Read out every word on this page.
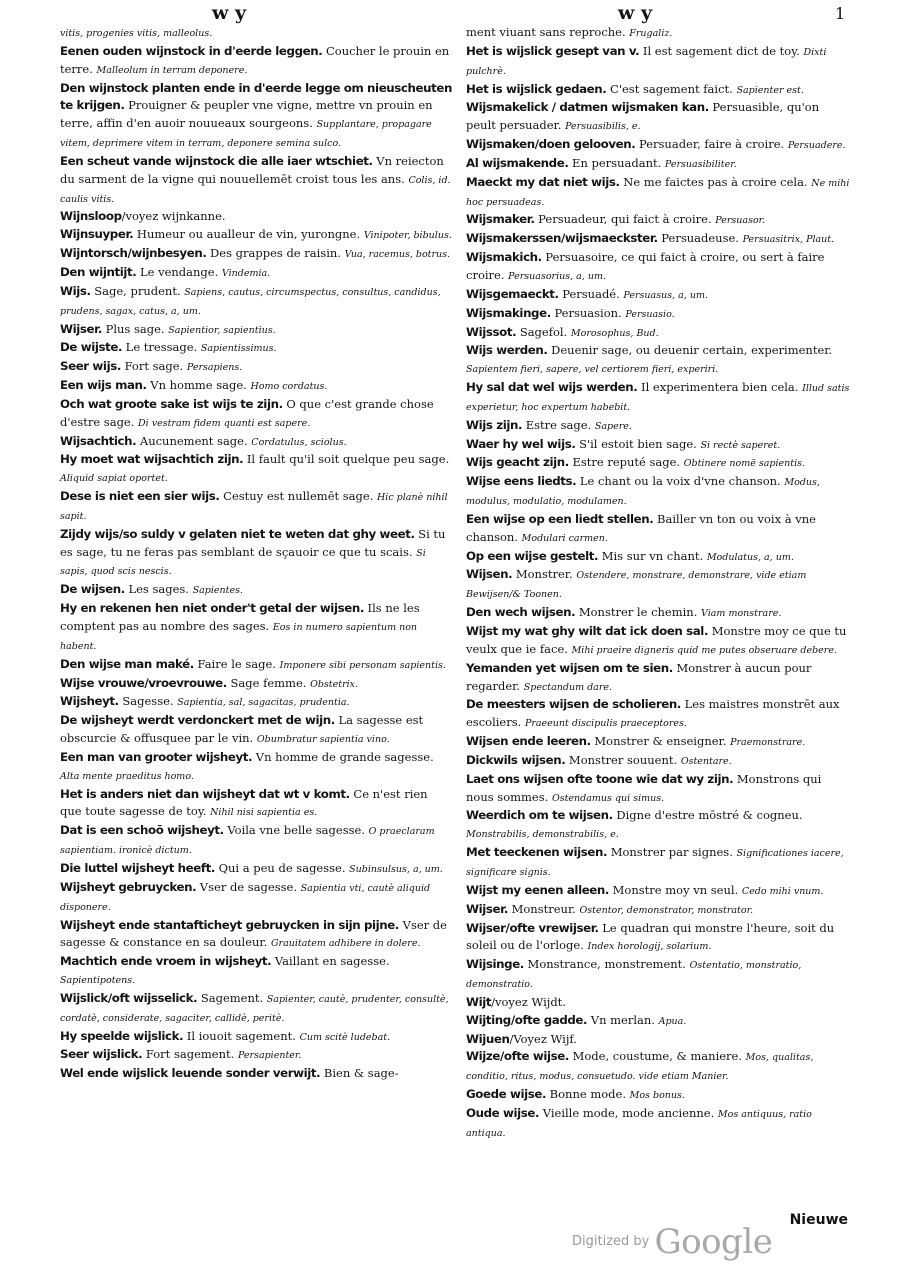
w y	w y	1

vitis, progenies vitis, malleolus.

Eenen ouden wijnstock in d'eerde leggen. Coucher le prouin en terre. Malleolum in terram deponere.

Den wijnstock planten ende in d'eerde legge om nieuscheuten te krijgen. Prouigner & peupler vne vigne, mettre vn prouin en terre, affin d'en auoir nouueaux sourgeons. Supplantare, propagare vitem, deprimere vitem in terram, deponere semina sulco.

Een scheut vande wijnstock die alle iaer wtschiet. Vn reiecton du sarment de la vigne qui nouuellemēt croist tous les ans. Colis, id. caulis vitis.

Wijnsloop/voyez wijnkanne.

Wijnsuyper. Humeur ou aualleur de vin, yurongne. Vinipoter, bibulus.

Wijntorsch/wijnbesyen. Des grappes de raisin. Vua, racemus, botrus.

Den wijntijt. Le vendange. Vindemia.

Wijs. Sage, prudent. Sapiens, cautus, circumspectus, consultus, candidus, prudens, sagax, catus, a, um.

Wijser. Plus sage. Sapientior, sapientius.

De wijste. Le tressage. Sapientissimus.

Seer wijs. Fort sage. Persapiens.

Een wijs man. Vn homme sage. Homo cordatus.

Och wat groote sake ist wijs te zijn. O que c'est grande chose d'estre sage. Di vestram fidem quanti est sapere.

Wijsachtich. Aucunement sage. Cordatulus, sciolus.

Hy moet wat wijsachtich zijn. Il fault qu'il soit quelque peu sage. Aliquid sapiat oportet.

Dese is niet een sier wijs. Cestuy est nullemēt sage. Hic planè nihil sapit.

Zijdy wijs/so suldy v gelaten niet te weten dat ghy weet. Si tu es sage, tu ne feras pas semblant de sçauoir ce que tu scais. Si sapis, quod scis nescis.

De wijsen. Les sages. Sapientes.

Hy en rekenen hen niet onder't getal der wijsen. Ils ne les comptent pas au nombre des sages. Eos in numero sapientum non habent.

Den wijse man maké. Faire le sage. Imponere sibi personam sapientis.

Wijse vrouwe/vroevrouwe. Sage femme. Obstetrix.

Wijsheyt. Sagesse. Sapientia, sal, sagacitas, prudentia.

De wijsheyt werdt verdonckert met de wijn. La sagesse est obscurcie & offusquee par le vin. Obumbratur sapientia vino.

Een man van grooter wijsheyt. Vn homme de grande sagesse. Alta mente praeditus homo.

Het is anders niet dan wijsheyt dat wt v komt. Ce n'est rien que toute sagesse de toy. Nihil nisi sapientia es.

Dat is een schoō wijsheyt. Voila vne belle sagesse. O praeclaram sapientiam. ironicè dictum.

Die luttel wijsheyt heeft. Qui a peu de sagesse. Subinsulsus, a, um.

Wijsheyt gebruycken. Vser de sagesse. Sapientia vti, cautè aliquid disponere.

Wijsheyt ende stantafticheyt gebruycken in sijn pijne. Vser de sagesse & constance en sa douleur. Grauitatem adhibere in dolere.

Machtich ende vroem in wijsheyt. Vaillant en sagesse. Sapientipotens.

Wijslick/oft wijsselick. Sagement. Sapienter, cautè, prudenter, consultè, cordatè, considerate, sagaciter, callidè, peritè.

Hy speelde wijslick. Il iouoit sagement. Cum scitè ludebat.

Seer wijslick. Fort sagement. Persapienter.

Wel ende wijslick leuende sonder verwijt. Bien & sage-

ment viuant sans reproche. Frugaliz.

Het is wijslick gesept van v. Il est sagement dict de toy. Dixti pulchrè.

Het is wijslick gedaen. C'est sagement faict. Sapienter est.

Wijsmakelick / datmen wijsmaken kan. Persuasible, qu'on peult persuader. Persuasibilis, e.

Wijsmaken/doen gelooven. Persuader, faire à croire. Persuadere.

Al wijsmakende. En persuadant. Persuasibiliter.

Maeckt my dat niet wijs. Ne me faictes pas à croire cela. Ne mihi hoc persuadeas.

Wijsmaker. Persuadeur, qui faict à croire. Persuasor.

Wijsmakerssen/wijsmaeckster. Persuadeuse. Persuasitrix, Plaut.

Wijsmakich. Persuasoire, ce qui faict à croire, ou sert à faire croire. Persuasorius, a, um.

Wijsgemaeckt. Persuadé. Persuasus, a, um.

Wijsmakinge. Persuasion. Persuasio.

Wijssot. Sagefol. Morosophus, Bud.

Wijs werden. Deuenir sage, ou deuenir certain, experimenter. Sapientem fieri, sapere, vel certiorem fieri, experiri.

Hy sal dat wel wijs werden. Il experimentera bien cela. Illud satis experietur, hoc expertum habebit.

Wijs zijn. Estre sage. Sapere.

Waer hy wel wijs. S'il estoit bien sage. Si rectè saperet.

Wijs geacht zijn. Estre reputé sage. Obtinere nomē sapientis.

Wijse eens liedts. Le chant ou la voix d'vne chanson. Modus, modulus, modulatio, modulamen.

Een wijse op een liedt stellen. Bailler vn ton ou voix à vne chanson. Modulari carmen.

Op een wijse gestelt. Mis sur vn chant. Modulatus, a, um.

Wijsen. Monstrer. Ostendere, monstrare, demonstrare, vide etiam Bewijsen/& Toonen.

Den wech wijsen. Monstrer le chemin. Viam monstrare.

Wijst my wat ghy wilt dat ick doen sal. Monstre moy ce que tu veulx que ie face. Mihi praeire digneris quid me putes obseruare debere.

Yemanden yet wijsen om te sien. Monstrer à aucun pour regarder. Spectandum dare.

De meesters wijsen de scholieren. Les maistres monstrēt aux escoliers. Praeeunt discipulis praeceptores.

Wijsen ende leeren. Monstrer & enseigner. Praemonstrare.

Dickwils wijsen. Monstrer souuent. Ostentare.

Laet ons wijsen ofte toone wie dat wy zijn. Monstrons qui nous sommes. Ostendamus qui simus.

Weerdich om te wijsen. Digne d'estre mōstré & cogneu. Monstrabilis, demonstrabilis, e.

Met teeckenen wijsen. Monstrer par signes. Significationes iacere, significare signis.

Wijst my eenen alleen. Monstre moy vn seul. Cedo mihi vnum.

Wijser. Monstreur. Ostentor, demonstrator, monstrator.

Wijser/ofte vrewijser. Le quadran qui monstre l'heure, soit du soleil ou de l'orloge. Index horologij, solarium.

Wijsinge. Monstrance, monstrement. Ostentatio, monstratio, demonstratio.

Wijt/voyez Wijdt.

Wijting/ofte gadde. Vn merlan. Apua.

Wijuen/Voyez Wijf.

Wijze/ofte wijse. Mode, coustume, & maniere. Mos, qualitas, conditio, ritus, modus, consuetudo. vide etiam Manier.

Goede wijse. Bonne mode. Mos bonus.

Oude wijse. Vieille mode, mode ancienne. Mos antiquus, ratio antiqua.

Nieuwe
$^{Digitized by}$ Google
